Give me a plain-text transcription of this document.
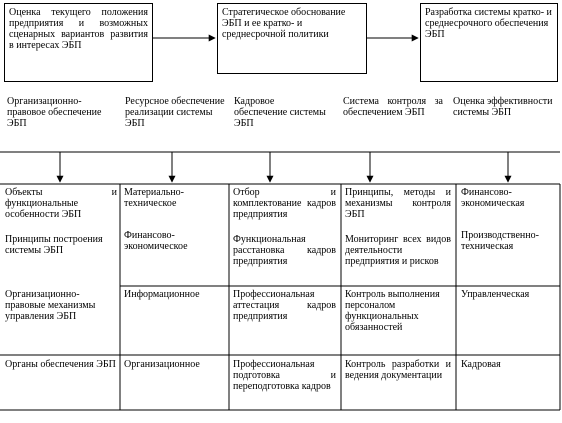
Оценка текущего положения предприятия и возможных сценарных вариантов развития в интересах ЭБП
Стратегическое обоснование ЭБП и ее кратко- и среднесрочной политики
Разработка системы кратко- и среднесрочного обеспечения ЭБП
Организационно-правовое обеспечение ЭБП
Ресурсное обеспечение реализации системы ЭБП
Кадровое обеспечение системы ЭБП
Система контроля за обеспечением ЭБП
Оценка эффективности системы ЭБП
Объекты и функциональные особенности ЭБП
Принципы построения системы ЭБП
Организационно-правовые механизмы управления ЭБП
Органы обеспечения ЭБП
Материально-техническое
Финансово-экономическое
Информационное
Организационное
Отбор и комплектование кадров предприятия
Функциональная расстановка кадров предприятия
Профессиональная аттестация кадров предприятия
Профессиональная подготовка и переподготовка кадров
Принципы, методы и механизмы контроля ЭБП
Мониторинг всех видов деятельности предприятия и рисков
Контроль выполнения персоналом функциональных обязанностей
Контроль разработки и ведения документации
Финансово-экономическая
Производственно-техническая
Управленческая
Кадровая
